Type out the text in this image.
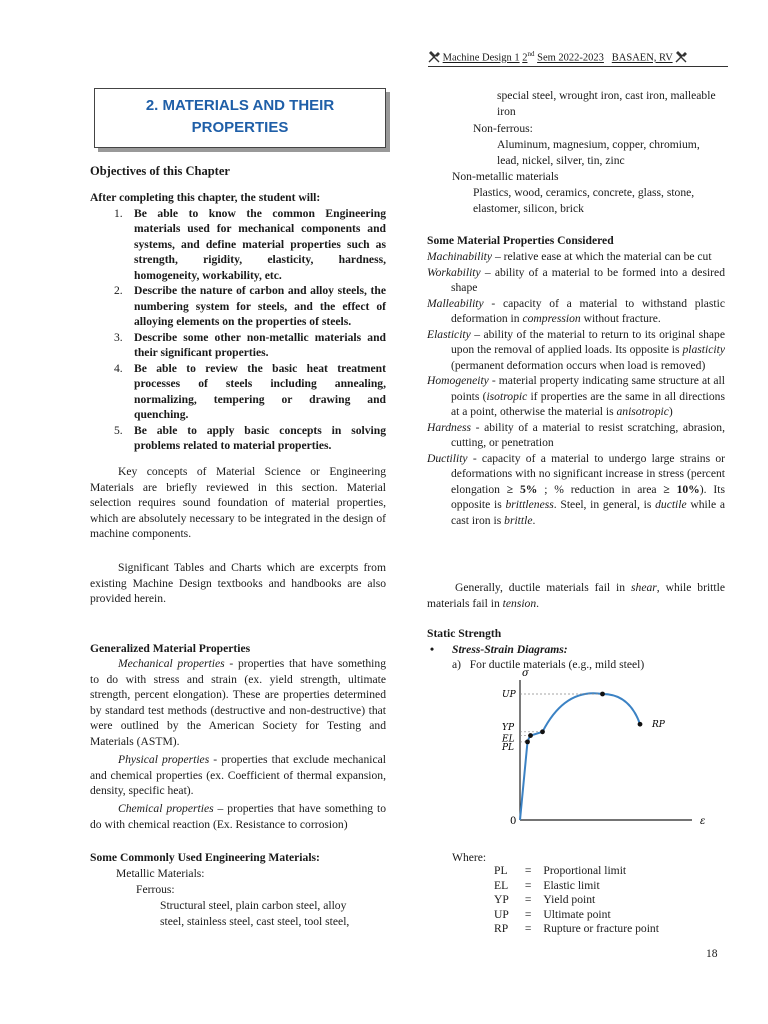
Machine Design 1 2nd Sem 2022-2023 BASAEN, RV
2. MATERIALS AND THEIR
PROPERTIES
Objectives of this Chapter
After completing this chapter, the student will:
1. Be able to know the common Engineering materials used for mechanical components and systems, and define material properties such as strength, rigidity, elasticity, hardness, homogeneity, workability, etc.
2. Describe the nature of carbon and alloy steels, the numbering system for steels, and the effect of alloying elements on the properties of steels.
3. Describe some other non-metallic materials and their significant properties.
4. Be able to review the basic heat treatment processes of steels including annealing, normalizing, tempering or drawing and quenching.
5. Be able to apply basic concepts in solving problems related to material properties.
Key concepts of Material Science or Engineering Materials are briefly reviewed in this section. Material selection requires sound foundation of material properties, which are absolutely necessary to be integrated in the design of machine components.
Significant Tables and Charts which are excerpts from existing Machine Design textbooks and handbooks are also provided herein.
Generalized Material Properties
Mechanical properties - properties that have something to do with stress and strain (ex. yield strength, ultimate strength, percent elongation). These are properties determined by standard test methods (destructive and non-destructive) that were outlined by the American Society for Testing and Materials (ASTM).
Physical properties - properties that exclude mechanical and chemical properties (ex. Coefficient of thermal expansion, density, specific heat).
Chemical properties – properties that have something to do with chemical reaction (Ex. Resistance to corrosion)
Some Commonly Used Engineering Materials:
Metallic Materials:
Ferrous:
Structural steel, plain carbon steel, alloy steel, stainless steel, cast steel, tool steel,
special steel, wrought iron, cast iron, malleable iron
Non-ferrous:
Aluminum, magnesium, copper, chromium, lead, nickel, silver, tin, zinc
Non-metallic materials
Plastics, wood, ceramics, concrete, glass, stone, elastomer, silicon, brick
Some Material Properties Considered
Machinability – relative ease at which the material can be cut
Workability – ability of a material to be formed into a desired shape
Malleability - capacity of a material to withstand plastic deformation in compression without fracture.
Elasticity – ability of the material to return to its original shape upon the removal of applied loads. Its opposite is plasticity (permanent deformation occurs when load is removed)
Homogeneity - material property indicating same structure at all points (isotropic if properties are the same in all directions at a point, otherwise the material is anisotropic)
Hardness - ability of a material to resist scratching, abrasion, cutting, or penetration
Ductility - capacity of a material to undergo large strains or deformations with no significant increase in stress (percent elongation ≥ 5% ; % reduction in area ≥ 10%). Its opposite is brittleness. Steel, in general, is ductile while a cast iron is brittle.
Generally, ductile materials fail in shear, while brittle materials fail in tension.
Static Strength
• Stress-Strain Diagrams:
a) For ductile materials (e.g., mild steel)
σ
ε
0
PL
EL
YP
UP
RP
Where:
PL	=	Proportional limit
EL	=	Elastic limit
YP	=	Yield point
UP	=	Ultimate point
RP	=	Rupture or fracture point
18
